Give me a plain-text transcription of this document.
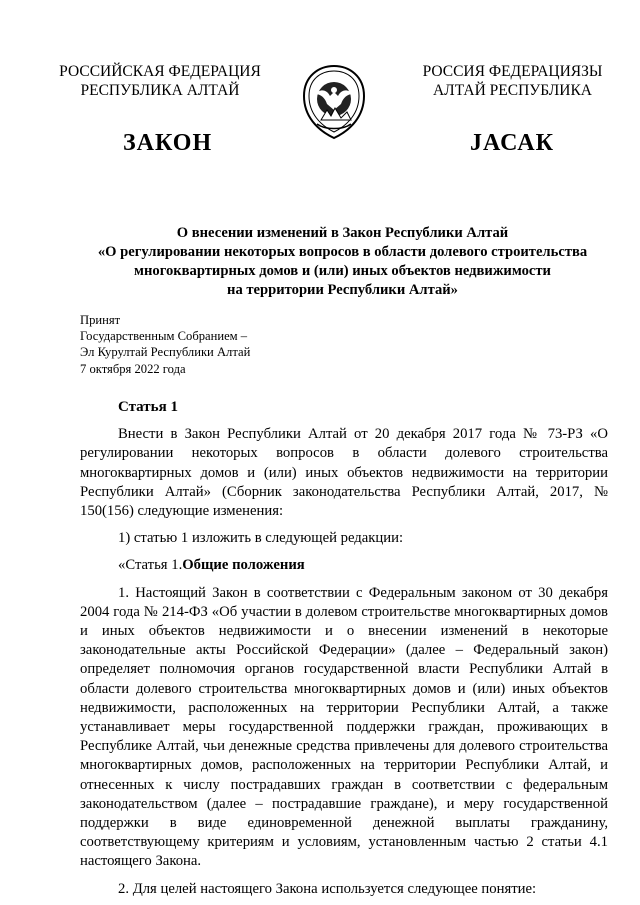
РОССИЙСКАЯ ФЕДЕРАЦИЯ
РЕСПУБЛИКА АЛТАЙ
РОССИЯ ФЕДЕРАЦИЯЗЫ
АЛТАЙ РЕСПУБЛИКА
ЗАКОН	JАСАК
О внесении изменений в Закон Республики Алтай
«О регулировании некоторых вопросов в области долевого строительства
многоквартирных домов и (или) иных объектов недвижимости
на территории Республики Алтай»
Принят
Государственным Собранием –
Эл Курултай Республики Алтай
7 октября 2022 года
Статья 1

Внести в Закон Республики Алтай от 20 декабря 2017 года № 73-РЗ «О регулировании некоторых вопросов в области долевого строительства многоквартирных домов и (или) иных объектов недвижимости на территории Республики Алтай» (Сборник законодательства Республики Алтай, 2017, № 150(156) следующие изменения:

1) статью 1 изложить в следующей редакции:

«Статья 1.Общие положения

1. Настоящий Закон в соответствии с Федеральным законом от 30 декабря 2004 года № 214-ФЗ «Об участии в долевом строительстве многоквартирных домов и иных объектов недвижимости и о внесении изменений в некоторые законодательные акты Российской Федерации» (далее – Федеральный закон) определяет полномочия органов государственной власти Республики Алтай в области долевого строительства многоквартирных домов и (или) иных объектов недвижимости, расположенных на территории Республики Алтай, а также устанавливает меры государственной поддержки граждан, проживающих в Республике Алтай, чьи денежные средства привлечены для долевого строительства многоквартирных домов, расположенных на территории Республики Алтай, и отнесенных к числу пострадавших граждан в соответствии с федеральным законодательством (далее – пострадавшие граждане), и меру государственной поддержки в виде единовременной денежной выплаты гражданину, соответствующему критериям и условиям, установленным частью 2 статьи 4.1 настоящего Закона.

2. Для целей настоящего Закона используется следующее понятие:
